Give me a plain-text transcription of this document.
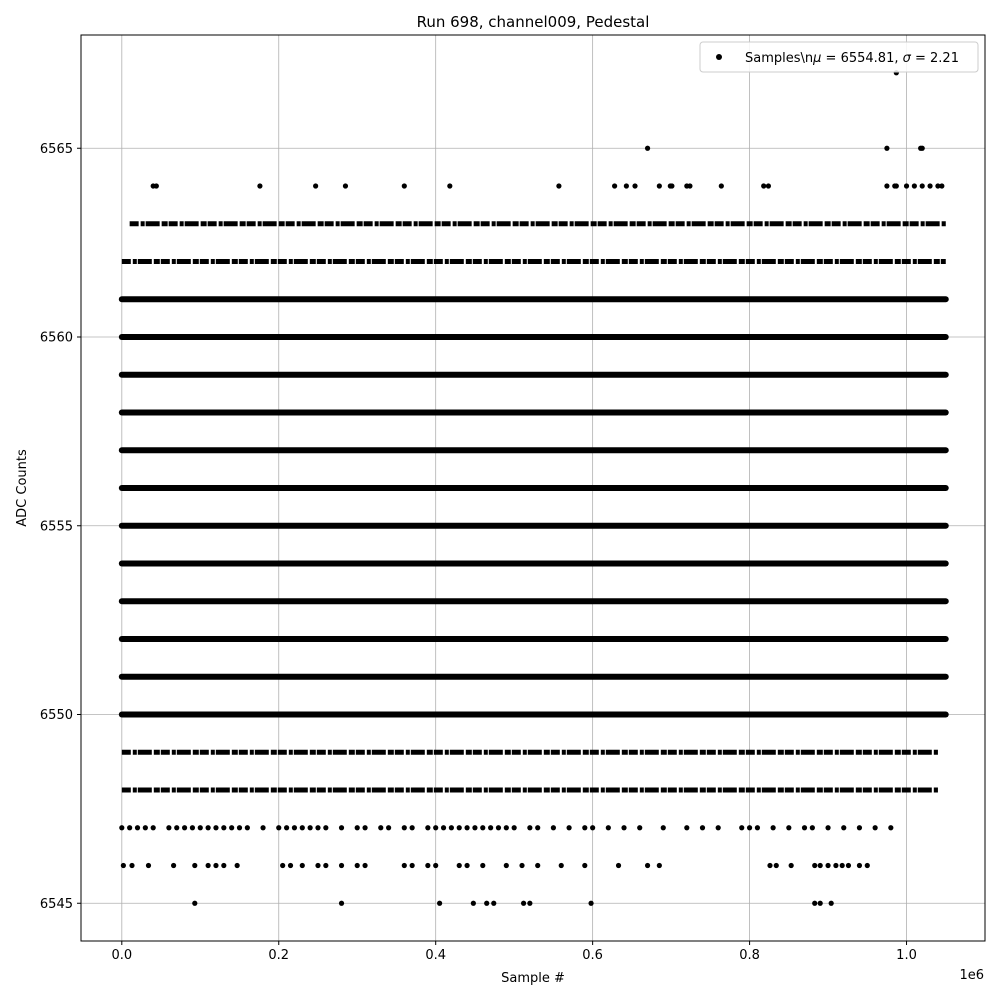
0.0	0.2	0.4	0.6	0.8	1.0
6545
6550
6555
6560
6565
Run 698, channel009, Pedestal
Sample #	1e6
ADC Counts
Samples\nμ = 6554.81, σ = 2.21
